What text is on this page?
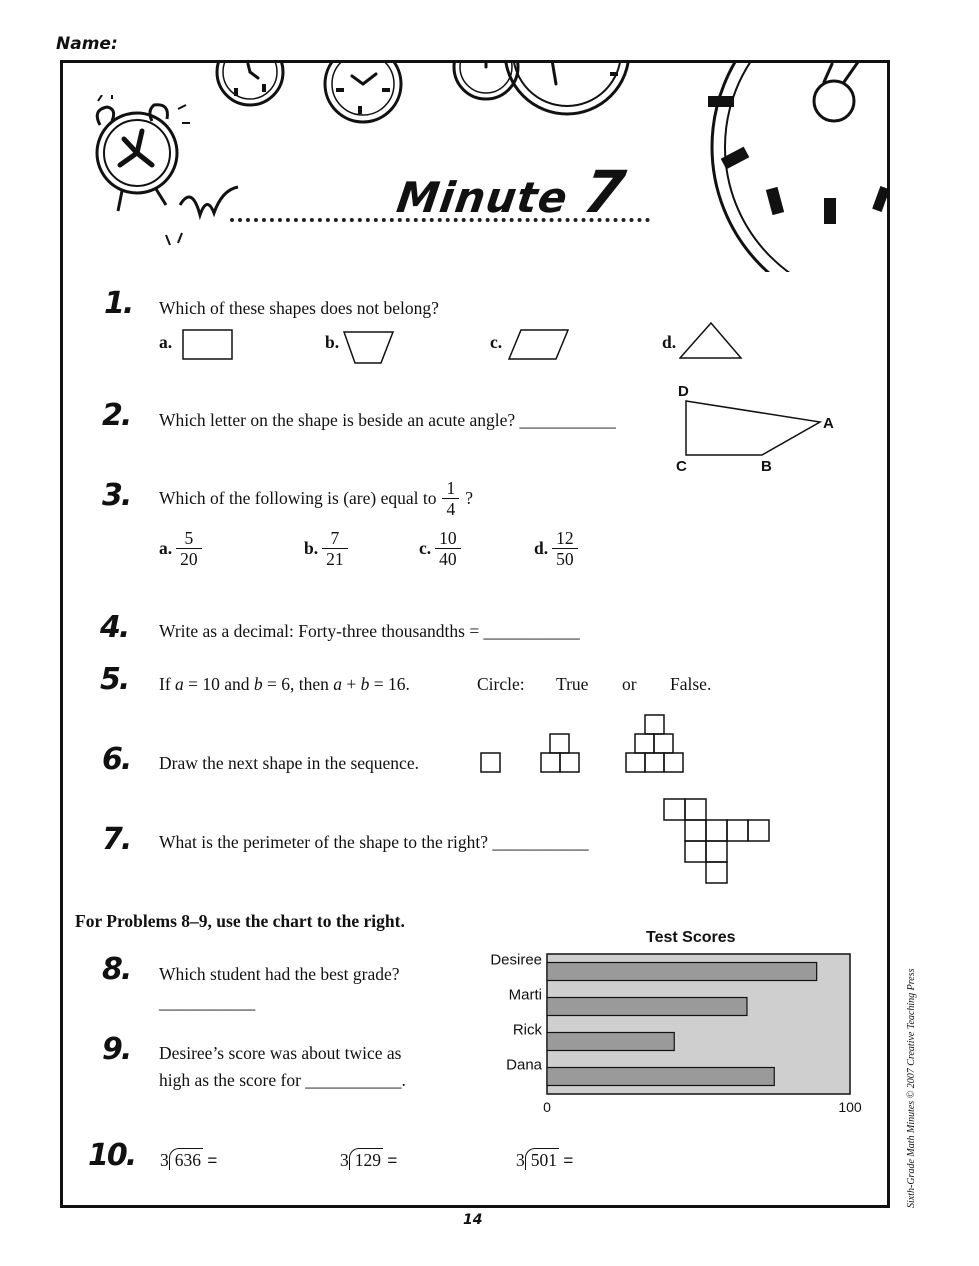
Name:
Minute 7
1. Which of these shapes does not belong?
a.	b.	c.	d.
2. Which letter on the shape is beside an acute angle? ___________
D
A
C	B
3. Which of the following is (are) equal to $\frac{1}{4}$ ?
a. $\frac{5}{20}$	b. $\frac{7}{21}$	c. $\frac{10}{40}$	d. $\frac{12}{50}$
4. Write as a decimal: Forty-three thousandths = ___________
5. If a = 10 and b = 6, then a + b = 16.	Circle: True or False.
6. Draw the next shape in the sequence.
7. What is the perimeter of the shape to the right? ___________
For Problems 8–9, use the chart to the right.
8. Which student had the best grade?
___________
9. Desiree’s score was about twice as
high as the score for ___________.
Test Scores
Desiree
Marti
Rick
Dana
0	100
10. 3 636 =	3 129 =	3 501 =
14
Sixth-Grade Math Minutes © 2007 Creative Teaching Press
